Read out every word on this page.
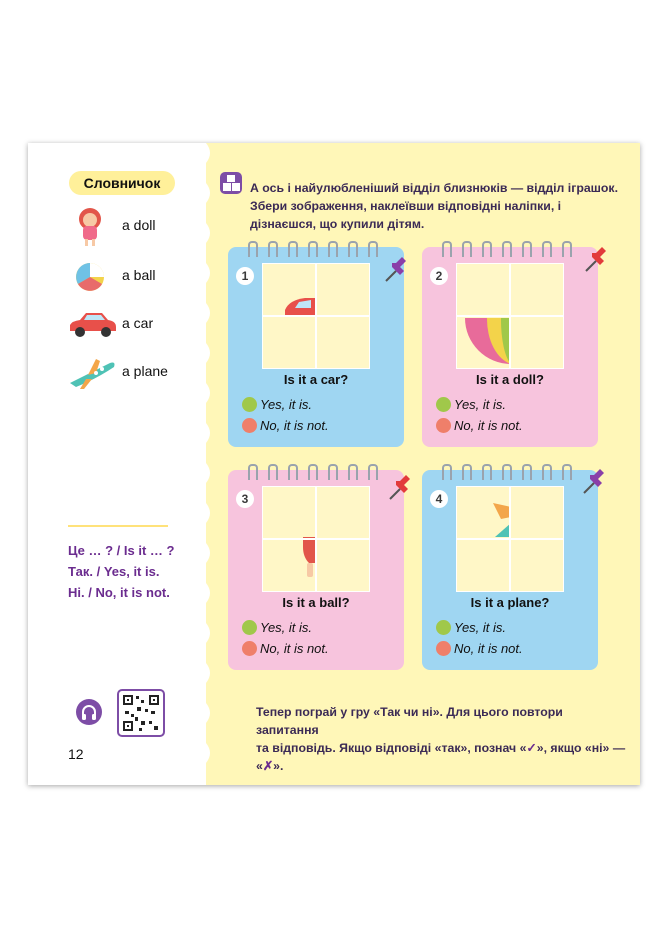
Словничок
a doll
a ball
a car
a plane
Це … ? / Is it … ?
Так. / Yes, it is.
Ні. / No, it is not.
12
А ось і найулюбленіший відділ близнюків — відділ іграшок. Збери зображення, наклеївши відповідні наліпки, і дізнаєшся, що купили дітям.
1
Is it a car?
Yes, it is.
No, it is not.
2
Is it a doll?
Yes, it is.
No, it is not.
3
Is it a ball?
Yes, it is.
No, it is not.
4
Is it a plane?
Yes, it is.
No, it is not.
Тепер пограй у гру «Так чи ні». Для цього повтори запитання
та відповідь. Якщо відповіді «так», познач «✓», якщо «ні» — «✗».
